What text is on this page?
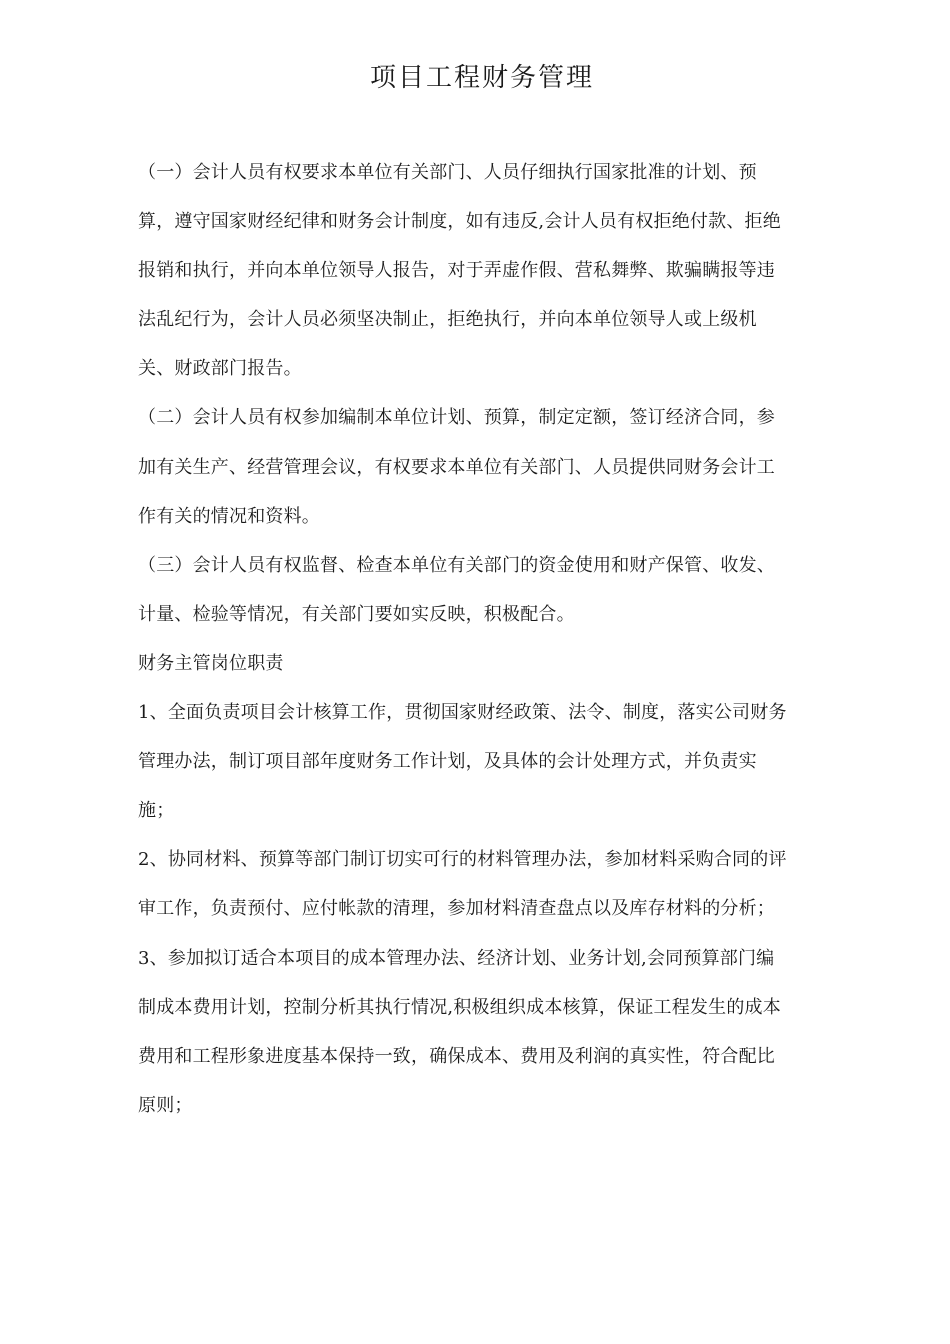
项目工程财务管理
（一）会计人员有权要求本单位有关部门、人员仔细执行国家批准的计划、预
算，遵守国家财经纪律和财务会计制度，如有违反,会计人员有权拒绝付款、拒绝
报销和执行，并向本单位领导人报告，对于弄虚作假、营私舞弊、欺骗瞒报等违
法乱纪行为，会计人员必须坚决制止，拒绝执行，并向本单位领导人或上级机
关、财政部门报告。
（二）会计人员有权参加编制本单位计划、预算，制定定额，签订经济合同，参
加有关生产、经营管理会议，有权要求本单位有关部门、人员提供同财务会计工
作有关的情况和资料。
（三）会计人员有权监督、检查本单位有关部门的资金使用和财产保管、收发、
计量、检验等情况，有关部门要如实反映，积极配合。
财务主管岗位职责
1、全面负责项目会计核算工作，贯彻国家财经政策、法令、制度，落实公司财务
管理办法，制订项目部年度财务工作计划，及具体的会计处理方式，并负责实
施；
2、协同材料、预算等部门制订切实可行的材料管理办法，参加材料采购合同的评
审工作，负责预付、应付帐款的清理，参加材料清查盘点以及库存材料的分析；
3、参加拟订适合本项目的成本管理办法、经济计划、业务计划,会同预算部门编
制成本费用计划，控制分析其执行情况,积极组织成本核算，保证工程发生的成本
费用和工程形象进度基本保持一致，确保成本、费用及利润的真实性，符合配比
原则；
